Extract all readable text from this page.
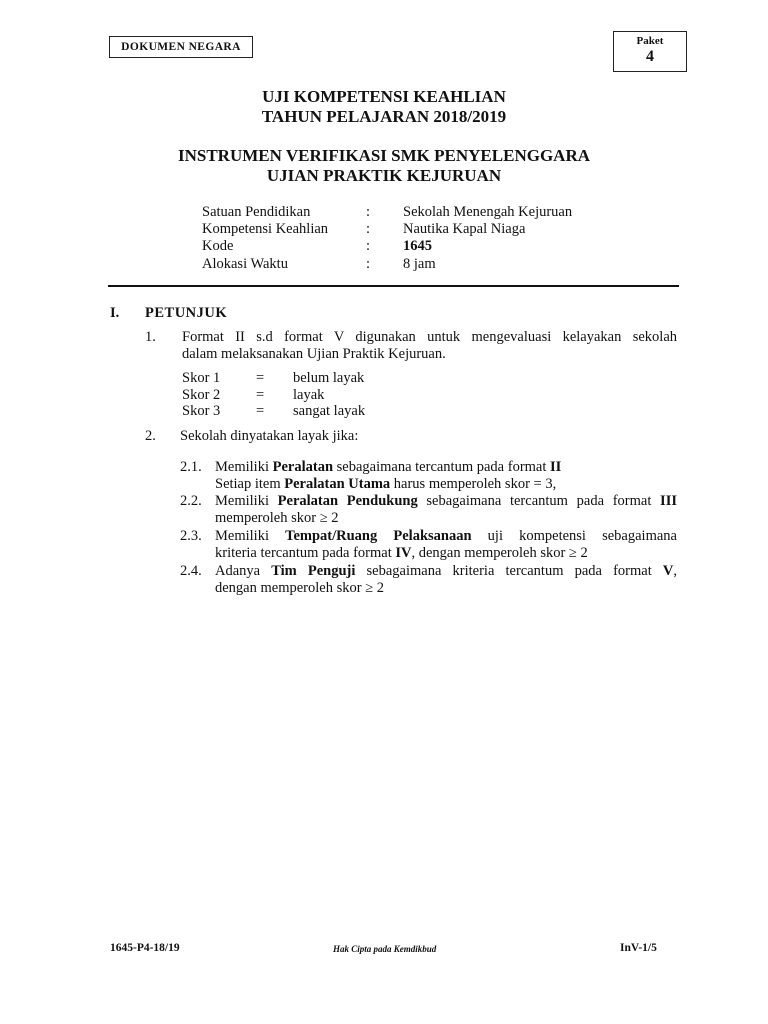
DOKUMEN NEGARA	Paket
4
UJI KOMPETENSI KEAHLIAN
TAHUN PELAJARAN 2018/2019
INSTRUMEN VERIFIKASI SMK PENYELENGGARA
UJIAN PRAKTIK KEJURUAN
Satuan Pendidikan	: Sekolah Menengah Kejuruan
Kompetensi Keahlian	: Nautika Kapal Niaga
Kode	: 1645
Alokasi Waktu	: 8 jam
I. PETUNJUK
1. Format II s.d format V digunakan untuk mengevaluasi kelayakan sekolah
dalam melaksanakan Ujian Praktik Kejuruan.
Skor 1 = belum layak
Skor 2 = layak
Skor 3 = sangat layak
2. Sekolah dinyatakan layak jika:
2.1. Memiliki Peralatan sebagaimana tercantum pada format II
Setiap item Peralatan Utama harus memperoleh skor = 3,
2.2. Memiliki Peralatan Pendukung sebagaimana tercantum pada format III
memperoleh skor ≥ 2
2.3. Memiliki Tempat/Ruang Pelaksanaan uji kompetensi sebagaimana
kriteria tercantum pada format IV, dengan memperoleh skor ≥ 2
2.4. Adanya Tim Penguji sebagaimana kriteria tercantum pada format V,
dengan memperoleh skor ≥ 2
1645-P4-18/19	Hak Cipta pada Kemdikbud	InV-1/5
